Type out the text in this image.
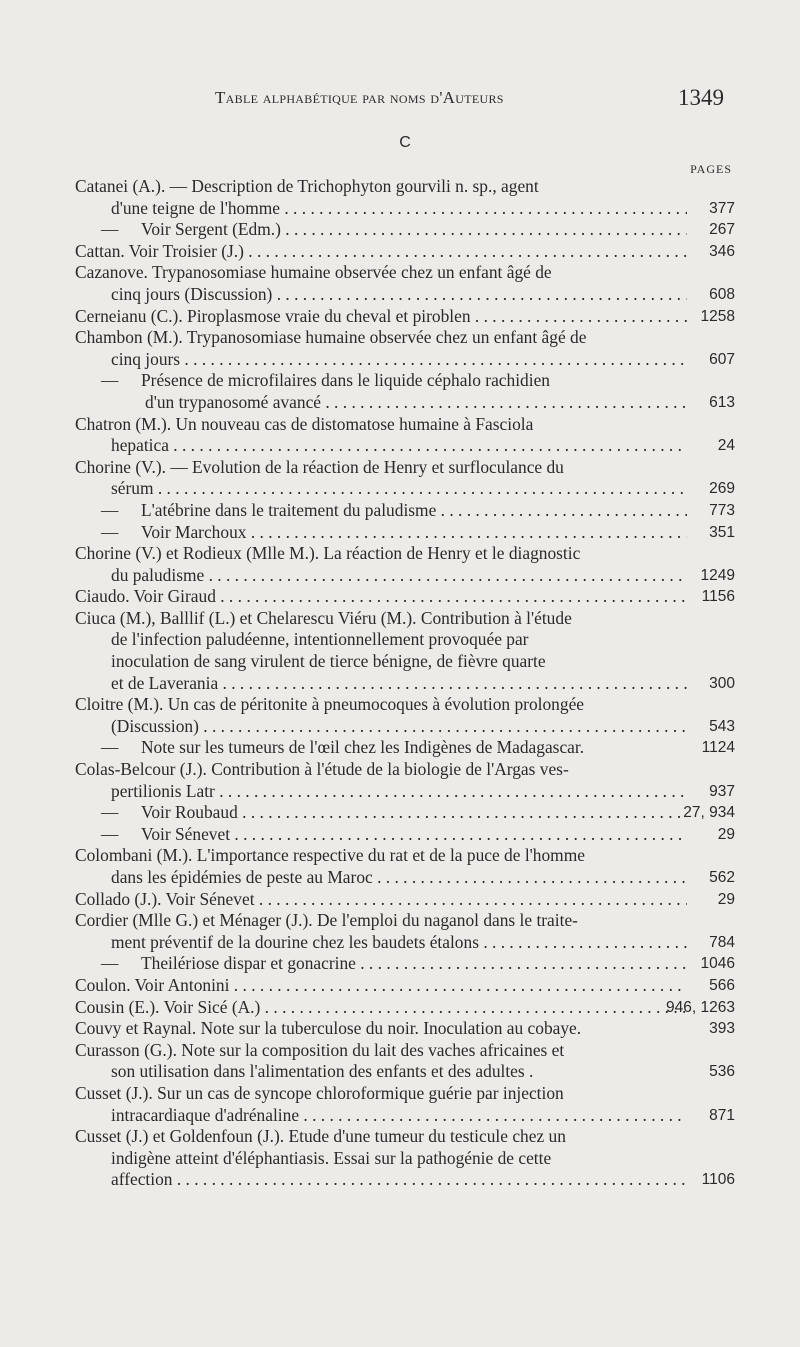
Table alphabétique par noms d'Auteurs	1349
C
PAGES
Catanei (A.). — Description de Trichophyton gourvili n. sp., agent
d'une teigne de l'homme . . .	377
— Voir Sergent (Edm.) . . .	267
Cattan. Voir Troisier (J.) . . .	346
Cazanove. Trypanosomiase humaine observée chez un enfant âgé de
cinq jours (Discussion) . . .	608
Cerneianu (C.). Piroplasmose vraie du cheval et piroblen . . .	1258
Chambon (M.). Trypanosomiase humaine observée chez un enfant âgé de
cinq jours . . .	607
— Présence de microfilaires dans le liquide céphalo rachidien
d'un trypanosomé avancé . . .	613
Chatron (M.). Un nouveau cas de distomatose humaine à Fasciola
hepatica . . .	24
Chorine (V.). — Evolution de la réaction de Henry et surfloculance du
sérum . . .	269
— L'atébrine dans le traitement du paludisme . . .	773
— Voir Marchoux . . .	351
Chorine (V.) et Rodieux (Mlle M.). La réaction de Henry et le diagnostic
du paludisme . . .	1249
Ciaudo. Voir Giraud . . .	1156
Ciuca (M.), Balllif (L.) et Chelarescu Viéru (M.). Contribution à l'étude
de l'infection paludéenne, intentionnellement provoquée par
inoculation de sang virulent de tierce bénigne, de fièvre quarte
et de Laverania . . .	300
Cloitre (M.). Un cas de péritonite à pneumocoques à évolution prolongée
(Discussion) . . .	543
— Note sur les tumeurs de l'œil chez les Indigènes de Madagascar.	1124
Colas-Belcour (J.). Contribution à l'étude de la biologie de l'Argas ves-
pertilionis Latr . . .	937
— Voir Roubaud . . .	27, 934
— Voir Sénevet . . .	29
Colombani (M.). L'importance respective du rat et de la puce de l'homme
dans les épidémies de peste au Maroc . . .	562
Collado (J.). Voir Sénevet . . .	29
Cordier (Mlle G.) et Ménager (J.). De l'emploi du naganol dans le traite-
ment préventif de la dourine chez les baudets étalons . . .	784
— Theilériose dispar et gonacrine . . .	1046
Coulon. Voir Antonini . . .	566
Cousin (E.). Voir Sicé (A.) . . .	946, 1263
Couvy et Raynal. Note sur la tuberculose du noir. Inoculation au cobaye.	393
Curasson (G.). Note sur la composition du lait des vaches africaines et
son utilisation dans l'alimentation des enfants et des adultes .	536
Cusset (J.). Sur un cas de syncope chloroformique guérie par injection
intracardiaque d'adrénaline . . .	871
Cusset (J.) et Goldenfoun (J.). Etude d'une tumeur du testicule chez un
indigène atteint d'éléphantiasis. Essai sur la pathogénie de cette
affection . . .	1106
